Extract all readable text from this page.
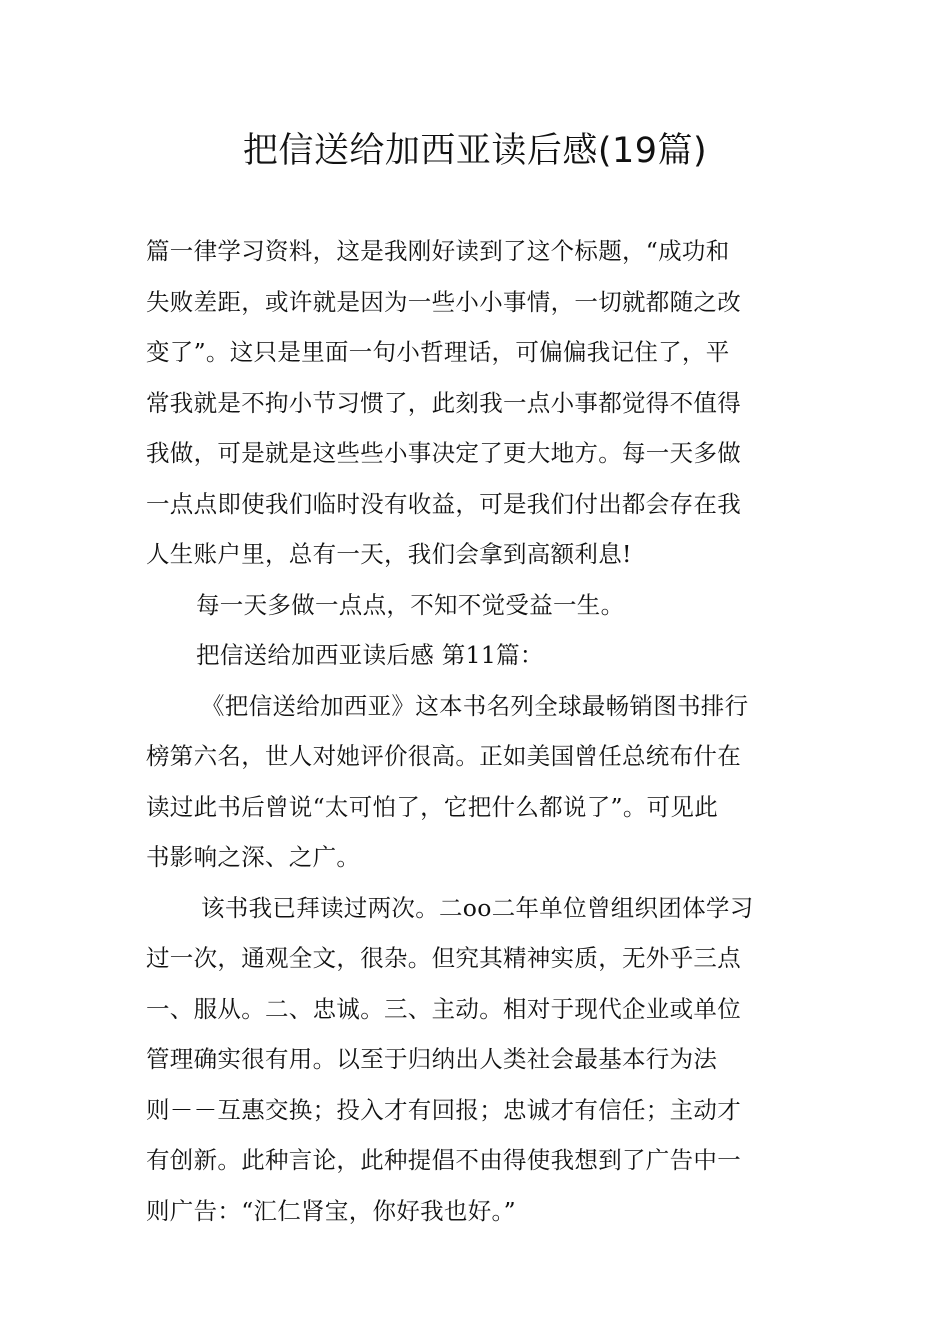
把信送给加西亚读后感(19篇)
篇一律学习资料，这是我刚好读到了这个标题，“成功和
失败差距，或许就是因为一些小小事情，一切就都随之改
变了”。这只是里面一句小哲理话，可偏偏我记住了，平
常我就是不拘小节习惯了，此刻我一点小事都觉得不值得
我做，可是就是这些些小事决定了更大地方。每一天多做
一点点即使我们临时没有收益，可是我们付出都会存在我
人生账户里，总有一天，我们会拿到高额利息!
每一天多做一点点，不知不觉受益一生。
把信送给加西亚读后感 第11篇：
《把信送给加西亚》这本书名列全球最畅销图书排行
榜第六名，世人对她评价很高。正如美国曾任总统布什在
读过此书后曾说“太可怕了，它把什么都说了”。可见此
书影响之深、之广。
该书我已拜读过两次。二oo二年单位曾组织团体学习
过一次，通观全文，很杂。但究其精神实质，无外乎三点
一、服从。二、忠诚。三、主动。相对于现代企业或单位
管理确实很有用。以至于归纳出人类社会最基本行为法
则－－互惠交换；投入才有回报；忠诚才有信任；主动才
有创新。此种言论，此种提倡不由得使我想到了广告中一
则广告：“汇仁肾宝，你好我也好。”
